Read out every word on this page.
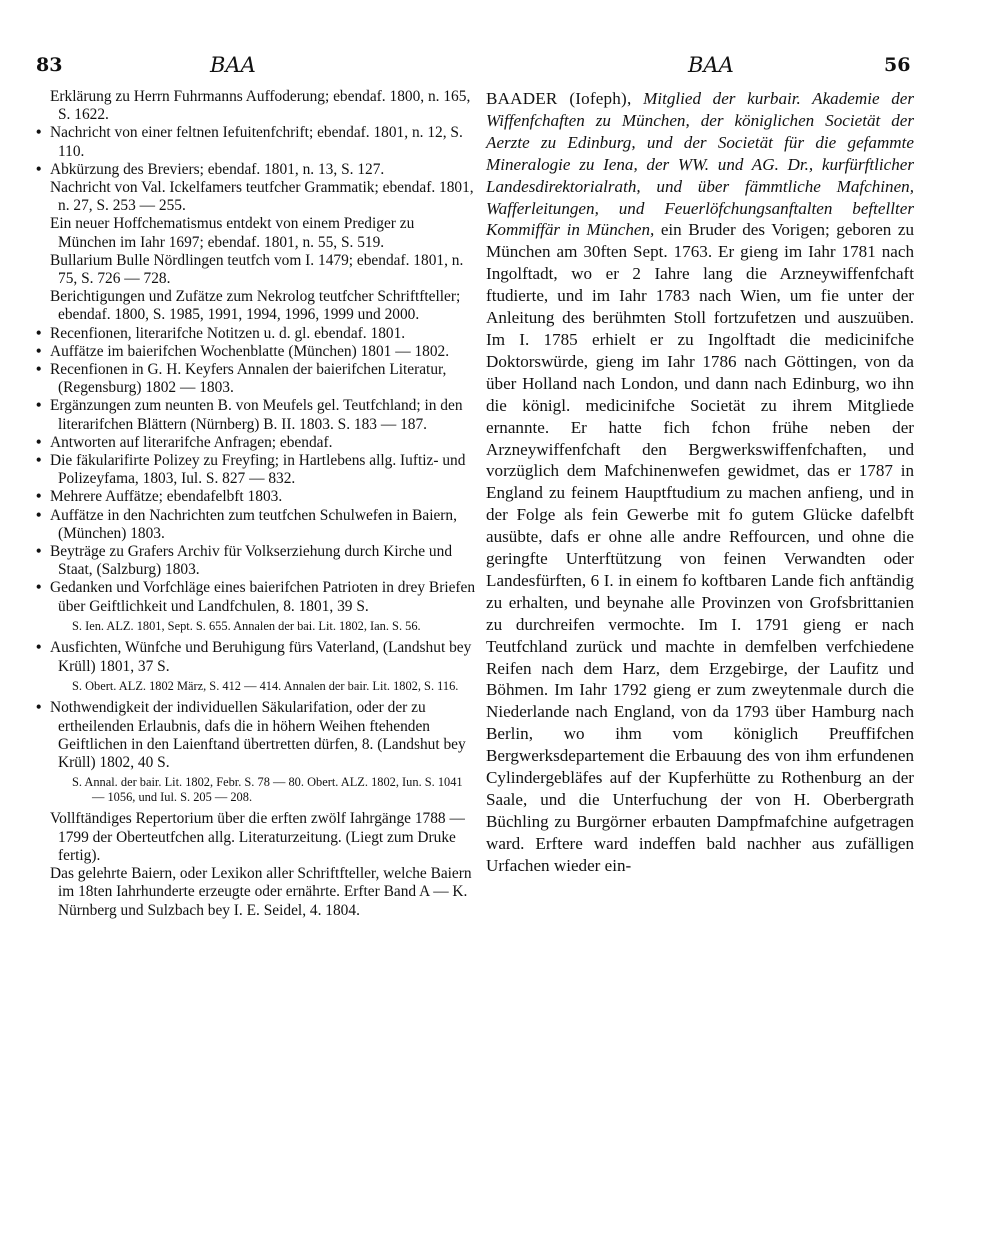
83	BAA	BAA	56
Erklärung zu Herrn Fuhrmanns Auffoderung; ebendaf. 1800, n. 165, S. 1622.
• Nachricht von einer feltnen Iefuitenfchrift; ebendaf. 1801, n. 12, S. 110.
• Abkürzung des Breviers; ebendaf. 1801, n. 13, S. 127.
Nachricht von Val. Ickelfamers teutfcher Grammatik; ebendaf. 1801, n. 27, S. 253 — 255.
Ein neuer Hoffchematismus entdekt von einem Prediger zu München im Iahr 1697; ebendaf. 1801, n. 55, S. 519.
Bullarium Bulle Nördlingen teutfch vom I. 1479; ebendaf. 1801, n. 75, S. 726 — 728.
Berichtigungen und Zufätze zum Nekrolog teutfcher Schriftfteller; ebendaf. 1800, S. 1985, 1991, 1994, 1996, 1999 und 2000.
• Recenfionen, literarifche Notitzen u. d. gl. ebendaf. 1801.
• Auffätze im baierifchen Wochenblatte (München) 1801 — 1802.
• Recenfionen in G. H. Keyfers Annalen der baierifchen Literatur, (Regensburg) 1802 — 1803.
• Ergänzungen zum neunten B. von Meufels gel. Teutfchland; in den literarifchen Blättern (Nürnberg) B. II. 1803. S. 183 — 187.
• Antworten auf literarifche Anfragen; ebendaf.
• Die fäkularifirte Polizey zu Freyfing; in Hartlebens allg. Iuftiz- und Polizeyfama, 1803, Iul. S. 827 — 832.
• Mehrere Auffätze; ebendafelbft 1803.
• Auffätze in den Nachrichten zum teutfchen Schulwefen in Baiern, (München) 1803.
• Beyträge zu Grafers Archiv für Volkserziehung durch Kirche und Staat, (Salzburg) 1803.
• Gedanken und Vorfchläge eines baierifchen Patrioten in drey Briefen über Geiftlichkeit und Landfchulen, 8. 1801, 39 S.
S. Ien. ALZ. 1801, Sept. S. 655. Annalen der bai. Lit. 1802, Ian. S. 56.
• Ausfichten, Wünfche und Beruhigung fürs Vaterland, (Landshut bey Krüll) 1801, 37 S.
S. Obert. ALZ. 1802 März, S. 412 — 414. Annalen der bair. Lit. 1802, S. 116.
• Nothwendigkeit der individuellen Säkularifation, oder der zu ertheilenden Erlaubnis, dafs die in höhern Weihen ftehenden Geiftlichen in den Laienftand übertretten dürfen, 8. (Landshut bey Krüll) 1802, 40 S.
S. Annal. der bair. Lit. 1802, Febr. S. 78 — 80. Obert. ALZ. 1802, Iun. S. 1041 — 1056, und Iul. S. 205 — 208.
Vollftändiges Repertorium über die erften zwölf Iahrgänge 1788 — 1799 der Oberteutfchen allg. Literaturzeitung. (Liegt zum Druke fertig).
Das gelehrte Baiern, oder Lexikon aller Schriftfteller, welche Baiern im 18ten Iahrhunderte erzeugte oder ernährte. Erfter Band A — K. Nürnberg und Sulzbach bey I. E. Seidel, 4. 1804.

BAADER (Iofeph), Mitglied der kurbair. Akademie der Wiffenfchaften zu München, der königlichen Societät der Aerzte zu Edinburg, und der Societät für die gefammte Mineralogie zu Iena, der WW. und AG. Dr., kurfürftlicher Landesdirektorialrath, und über fämmtliche Mafchinen, Wafferleitungen, und Feuerlöfchungsanftalten beftellter Kommiffär in München, ein Bruder des Vorigen; geboren zu München am 30ften Sept. 1763. Er gieng im Iahr 1781 nach Ingolftadt, wo er 2 Iahre lang die Arzneywiffenfchaft ftudierte, und im Iahr 1783 nach Wien, um fie unter der Anleitung des berühmten Stoll fortzufetzen und auszuüben. Im I. 1785 erhielt er zu Ingolftadt die medicinifche Doktorswürde, gieng im Iahr 1786 nach Göttingen, von da über Holland nach London, und dann nach Edinburg, wo ihn die königl. medicinifche Societät zu ihrem Mitgliede ernannte. Er hatte fich fchon frühe neben der Arzneywiffenfchaft den Bergwerkswiffenfchaften, und vorzüglich dem Mafchinenwefen gewidmet, das er 1787 in England zu feinem Hauptftudium zu machen anfieng, und in der Folge als fein Gewerbe mit fo gutem Glücke dafelbft ausübte, dafs er ohne alle andre Reffourcen, und ohne die geringfte Unterftützung von feinen Verwandten oder Landesfürften, 6 I. in einem fo koftbaren Lande fich anftändig zu erhalten, und beynahe alle Provinzen von Grofsbrittanien zu durchreifen vermochte. Im I. 1791 gieng er nach Teutfchland zurück und machte in demfelben verfchiedene Reifen nach dem Harz, dem Erzgebirge, der Laufitz und Böhmen. Im Iahr 1792 gieng er zum zweytenmale durch die Niederlande nach England, von da 1793 über Hamburg nach Berlin, wo ihm vom königlich Preuffifchen Bergwerksdepartement die Erbauung des von ihm erfundenen Cylindergebläfes auf der Kupferhütte zu Rothenburg an der Saale, und die Unterfuchung der von H. Oberbergrath Büchling zu Burgörner erbauten Dampfmafchine aufgetragen ward. Erftere ward indeffen bald nachher aus zufälligen Urfachen wieder ein-
